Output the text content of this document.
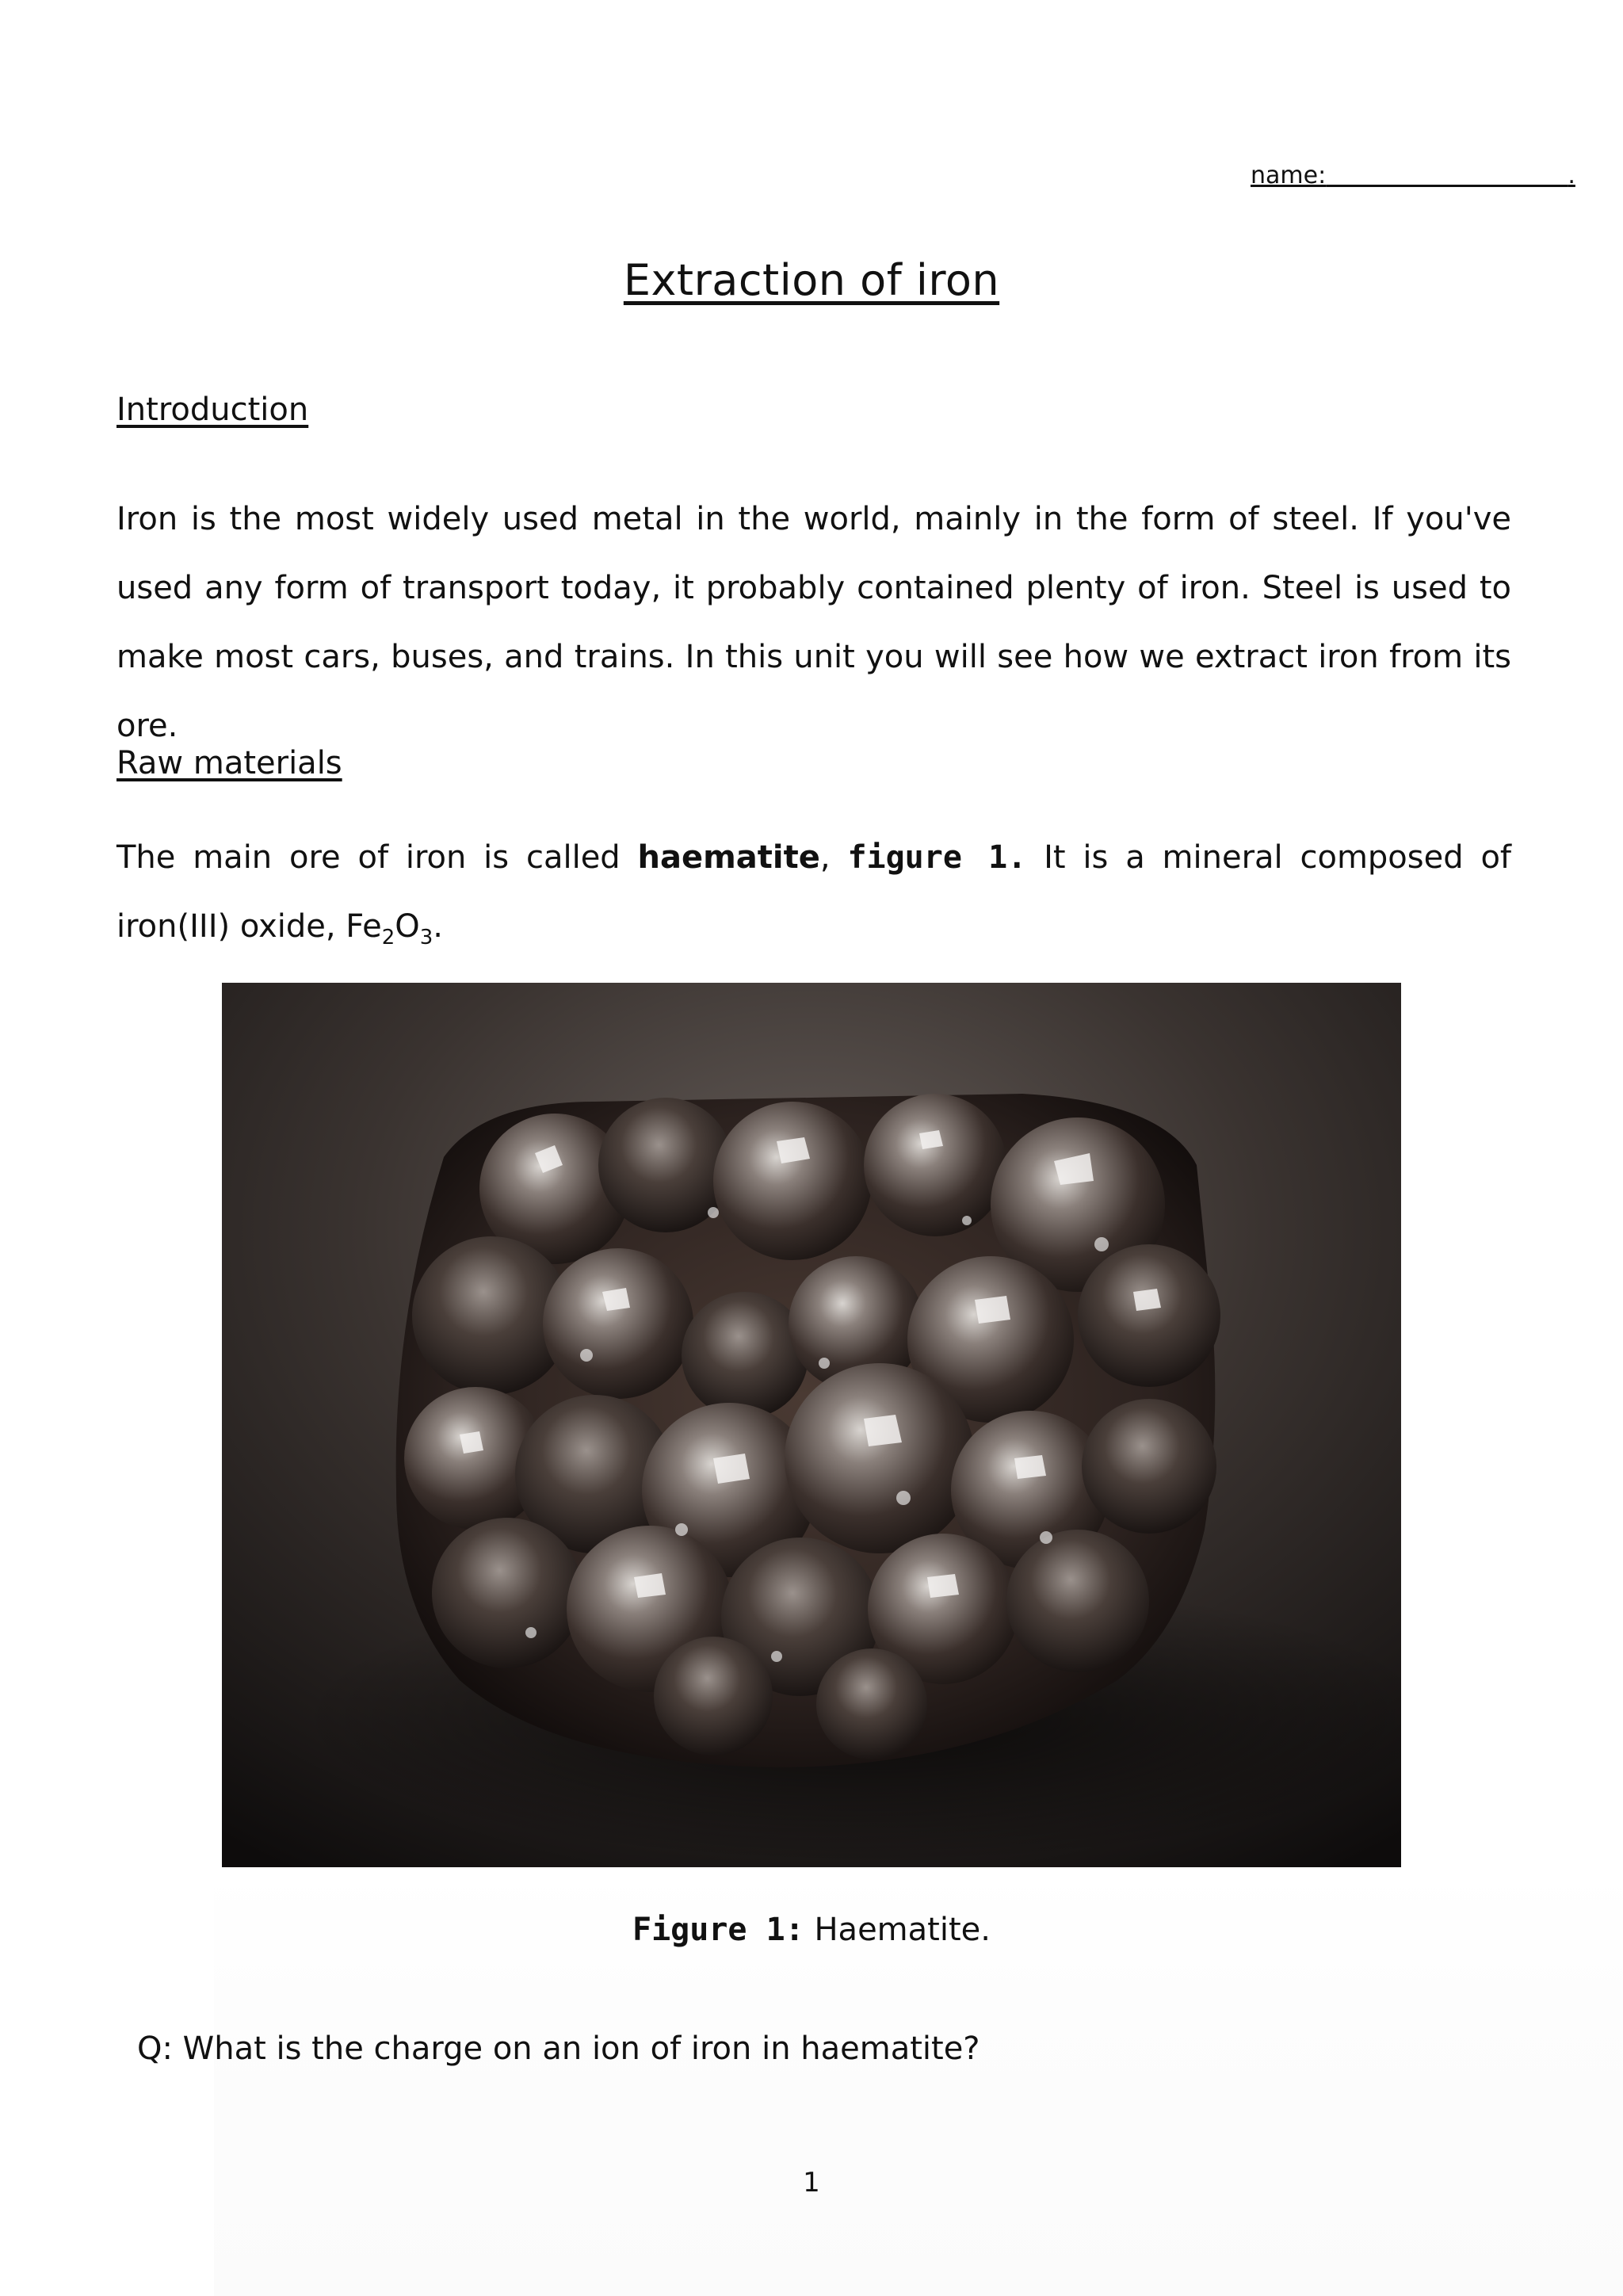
name:	.
Extraction of iron
Introduction
Iron is the most widely used metal in the world, mainly in the form of steel. If you've used any form of transport today, it probably contained plenty of iron. Steel is used to make most cars, buses, and trains. In this unit you will see how we extract iron from its ore.
Raw materials
The main ore of iron is called haematite, figure 1. It is a mineral composed of iron(III) oxide, $Fe_2O_3$.
Figure 1: Haematite.
Q: What is the charge on an ion of iron in haematite?
1
